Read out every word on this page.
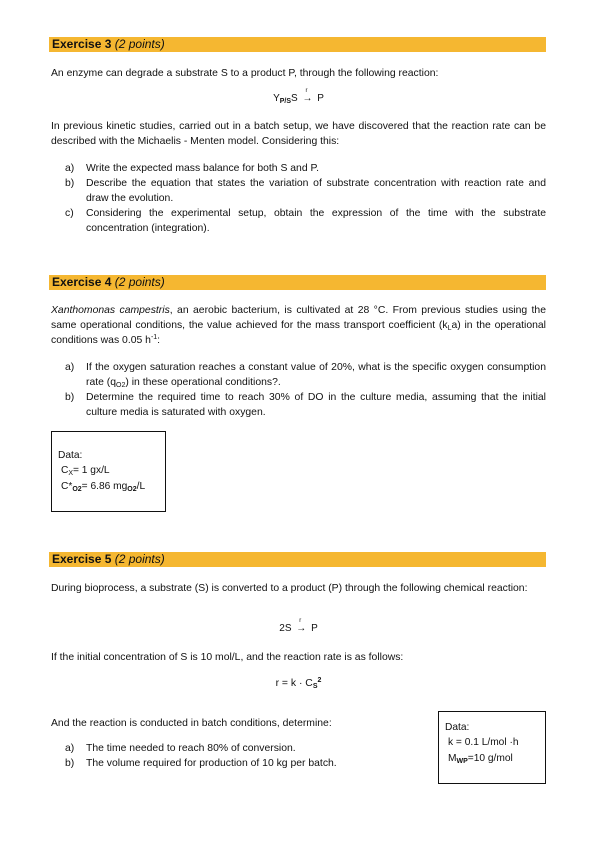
Exercise 3 (2 points)
An enzyme can degrade a substrate S to a product P, through the following reaction:
$Y_{P/S}S$
r
→ P
In previous kinetic studies, carried out in a batch setup, we have discovered that the reaction rate can be described with the Michaelis - Menten model. Considering this:
a)	Write the expected mass balance for both S and P.
b)	Describe the equation that states the variation of substrate concentration with reaction rate and draw the evolution.
c)	Considering the experimental setup, obtain the expression of the time with the substrate concentration (integration).
Exercise 4 (2 points)
Xanthomonas campestris, an aerobic bacterium, is cultivated at 28 °C. From previous studies using the same operational conditions, the value achieved for the mass transport coefficient $(k_La)$ in the operational conditions was 0.05 $h^{-1}$:
a)	If the oxygen saturation reaches a constant value of 20%, what is the specific oxygen consumption rate $(q_{O2})$ in these operational conditions?.
b)	Determine the required time to reach 30% of DO in the culture media, assuming that the initial culture media is saturated with oxygen.
Data:
$C_X= 1$ gx/L
$C*_{O2}= 6.86$ $mg_{O2}/L$
Exercise 5 (2 points)
During bioprocess, a substrate (S) is converted to a product (P) through the following chemical reaction:
2S
r
→ P
If the initial concentration of S is 10 mol/L, and the reaction rate is as follows:
$r = k \cdot C_S^2$
And the reaction is conducted in batch conditions, determine:
a)	The time needed to reach 80% of conversion.
b)	The volume required for production of 10 kg per batch.
Data:
k = 0.1 L/mol ·h
$M_{WP}=10$ g/mol
